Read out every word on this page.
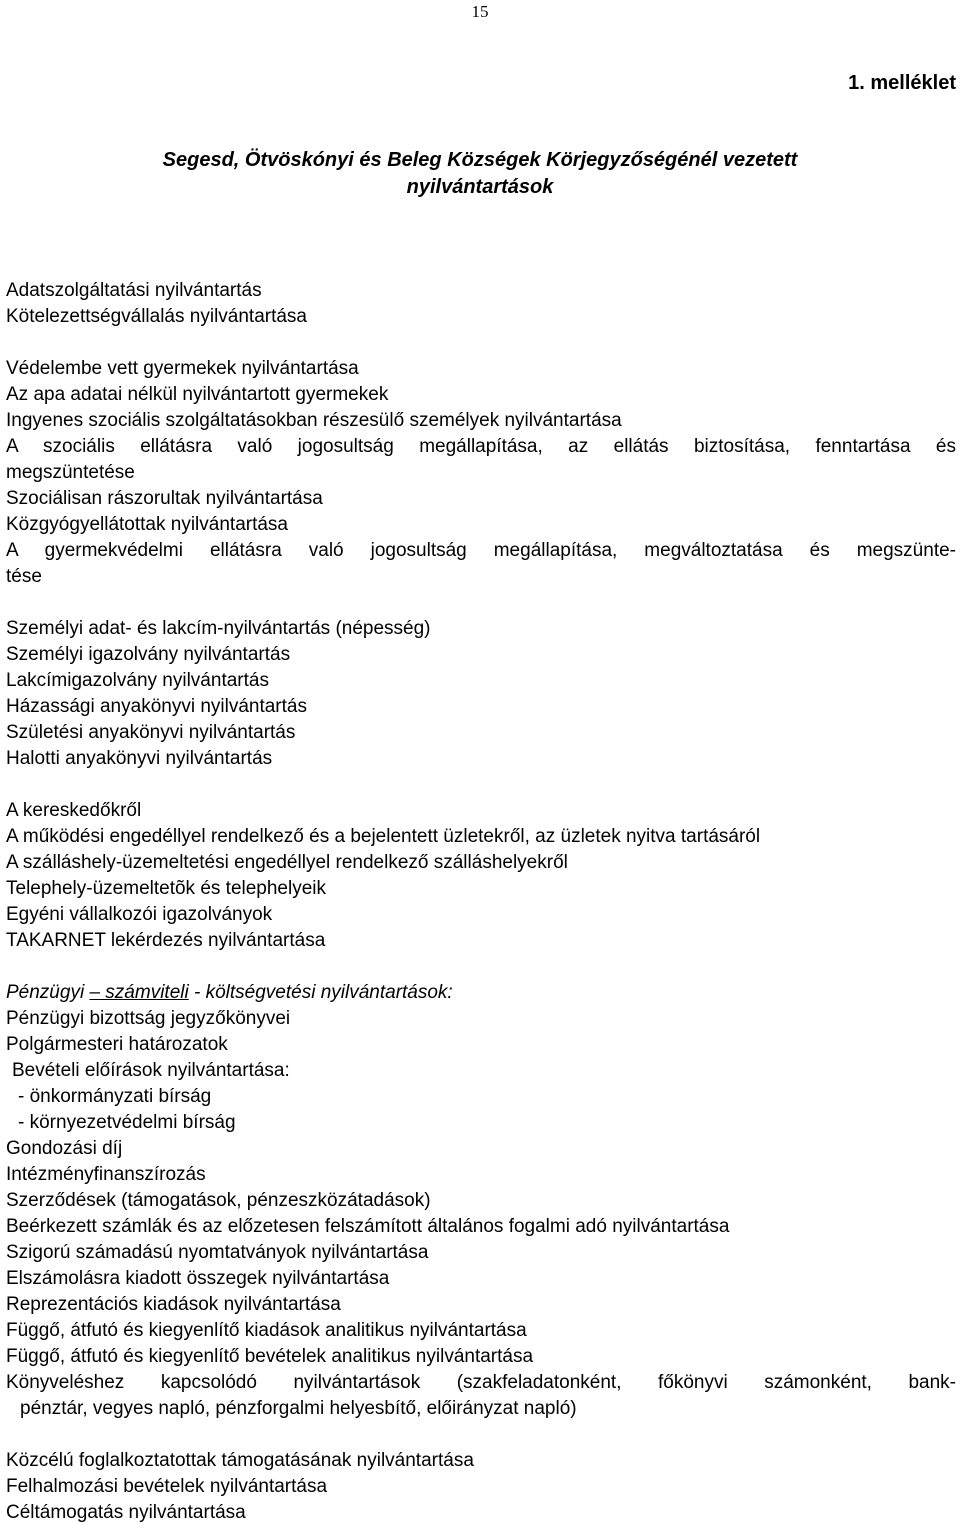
15
1. melléklet
Segesd, Ötvöskónyi és Beleg Községek Körjegyzőségénél vezetett
nyilvántartások
Adatszolgáltatási nyilvántartás
Kötelezettségvállalás nyilvántartása
Védelembe vett gyermekek nyilvántartása
Az apa adatai nélkül nyilvántartott gyermekek
Ingyenes szociális szolgáltatásokban részesülő személyek nyilvántartása
A szociális ellátásra való jogosultság megállapítása, az ellátás biztosítása, fenntartása és
megszüntetése
Szociálisan rászorultak nyilvántartása
Közgyógyellátottak nyilvántartása
A gyermekvédelmi ellátásra való jogosultság megállapítása, megváltoztatása és megszünte-
tése
Személyi adat- és lakcím-nyilvántartás (népesség)
Személyi igazolvány nyilvántartás
Lakcímigazolvány nyilvántartás
Házassági anyakönyvi nyilvántartás
Születési anyakönyvi nyilvántartás
Halotti anyakönyvi nyilvántartás
A kereskedőkről
A működési engedéllyel rendelkező és a bejelentett üzletekről, az üzletek nyitva tartásáról
A szálláshely-üzemeltetési engedéllyel rendelkező szálláshelyekről
Telephely-üzemeltetõk és telephelyeik
Egyéni vállalkozói igazolványok
TAKARNET lekérdezés nyilvántartása
Pénzügyi – számviteli - költségvetési nyilvántartások:
Pénzügyi bizottság jegyzőkönyvei
Polgármesteri határozatok
Bevételi előírások nyilvántartása:
- önkormányzati bírság
- környezetvédelmi bírság
Gondozási díj
Intézményfinanszírozás
Szerződések (támogatások, pénzeszközátadások)
Beérkezett számlák és az előzetesen felszámított általános fogalmi adó nyilvántartása
Szigorú számadású nyomtatványok nyilvántartása
Elszámolásra kiadott összegek nyilvántartása
Reprezentációs kiadások nyilvántartása
Függő, átfutó és kiegyenlítő kiadások analitikus nyilvántartása
Függő, átfutó és kiegyenlítő bevételek analitikus nyilvántartása
Könyveléshez kapcsolódó nyilvántartások (szakfeladatonként, főkönyvi számonként, bank-
pénztár, vegyes napló, pénzforgalmi helyesbítő, előirányzat napló)
Közcélú foglalkoztatottak támogatásának nyilvántartása
Felhalmozási bevételek nyilvántartása
Céltámogatás nyilvántartása
